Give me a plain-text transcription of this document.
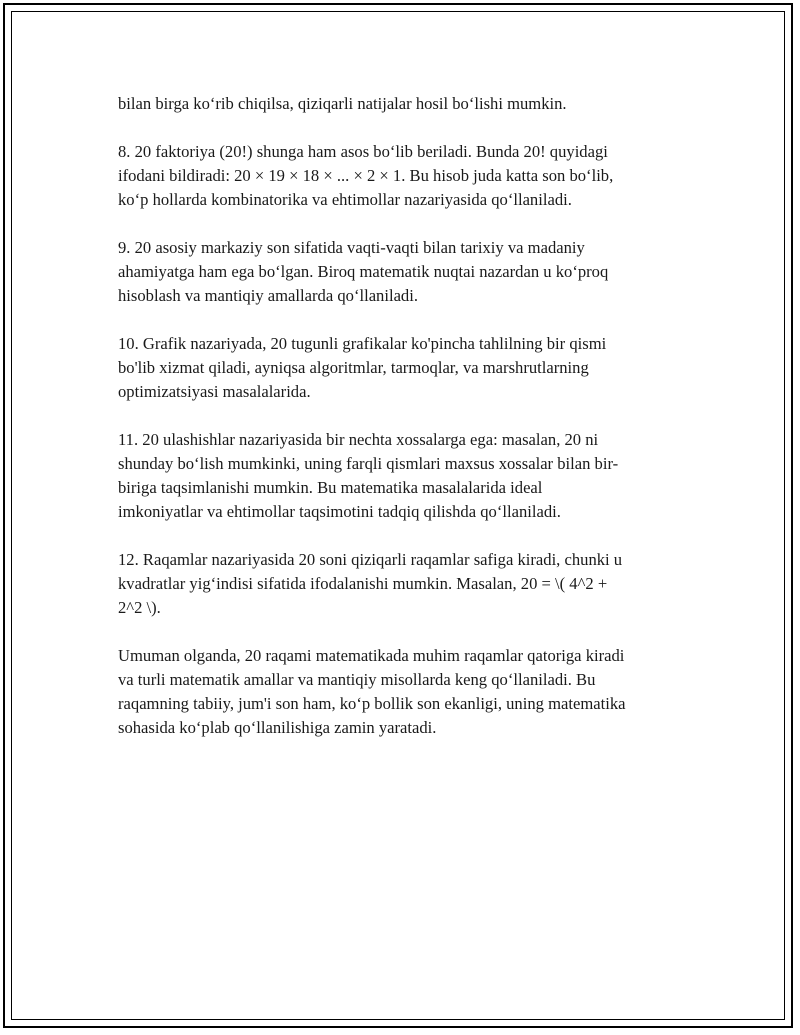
bilan birga ko‘rib chiqilsa, qiziqarli natijalar hosil bo‘lishi mumkin.

8. 20 faktoriya (20!) shunga ham asos bo‘lib beriladi. Bunda 20! quyidagi
ifodani bildiradi: 20 × 19 × 18 × ... × 2 × 1. Bu hisob juda katta son bo‘lib,
ko‘p hollarda kombinatorika va ehtimollar nazariyasida qo‘llaniladi.

9. 20 asosiy markaziy son sifatida vaqti-vaqti bilan tarixiy va madaniy
ahamiyatga ham ega bo‘lgan. Biroq matematik nuqtai nazardan u ko‘proq
hisoblash va mantiqiy amallarda qo‘llaniladi.

10. Grafik nazariyada, 20 tugunli grafikalar ko'pincha tahlilning bir qismi
bo'lib xizmat qiladi, ayniqsa algoritmlar, tarmoqlar, va marshrutlarning
optimizatsiyasi masalalarida.

11. 20 ulashishlar nazariyasida bir nechta xossalarga ega: masalan, 20 ni
shunday bo‘lish mumkinki, uning farqli qismlari maxsus xossalar bilan bir-
biriga taqsimlanishi mumkin. Bu matematika masalalarida ideal
imkoniyatlar va ehtimollar taqsimotini tadqiq qilishda qo‘llaniladi.

12. Raqamlar nazariyasida 20 soni qiziqarli raqamlar safiga kiradi, chunki u
kvadratlar yig‘indisi sifatida ifodalanishi mumkin. Masalan, 20 = \( 4^2 +
2^2 \).

Umuman olganda, 20 raqami matematikada muhim raqamlar qatoriga kiradi
va turli matematik amallar va mantiqiy misollarda keng qo‘llaniladi. Bu
raqamning tabiiy, jum'i son ham, ko‘p bollik son ekanligi, uning matematika
sohasida ko‘plab qo‘llanilishiga zamin yaratadi.
